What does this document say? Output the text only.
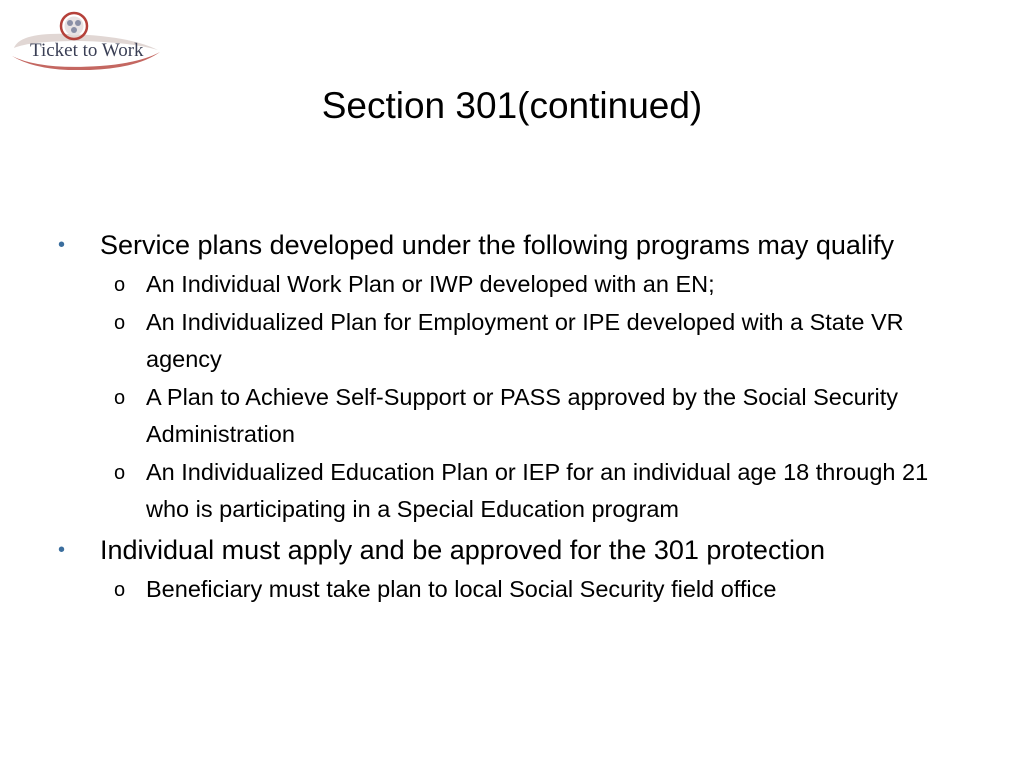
Ticket to Work
Section 301(continued)
•	Service plans developed under the following programs may qualify
o An Individual Work Plan or IWP developed with an EN;
o An Individualized Plan for Employment or IPE developed with a State VR agency
o A Plan to Achieve Self-Support or PASS approved by the Social Security Administration
o An Individualized Education Plan or IEP for an individual age 18 through 21 who is participating in a Special Education program
•	Individual must apply and be approved for the 301 protection
o Beneficiary must take plan to local Social Security field office
